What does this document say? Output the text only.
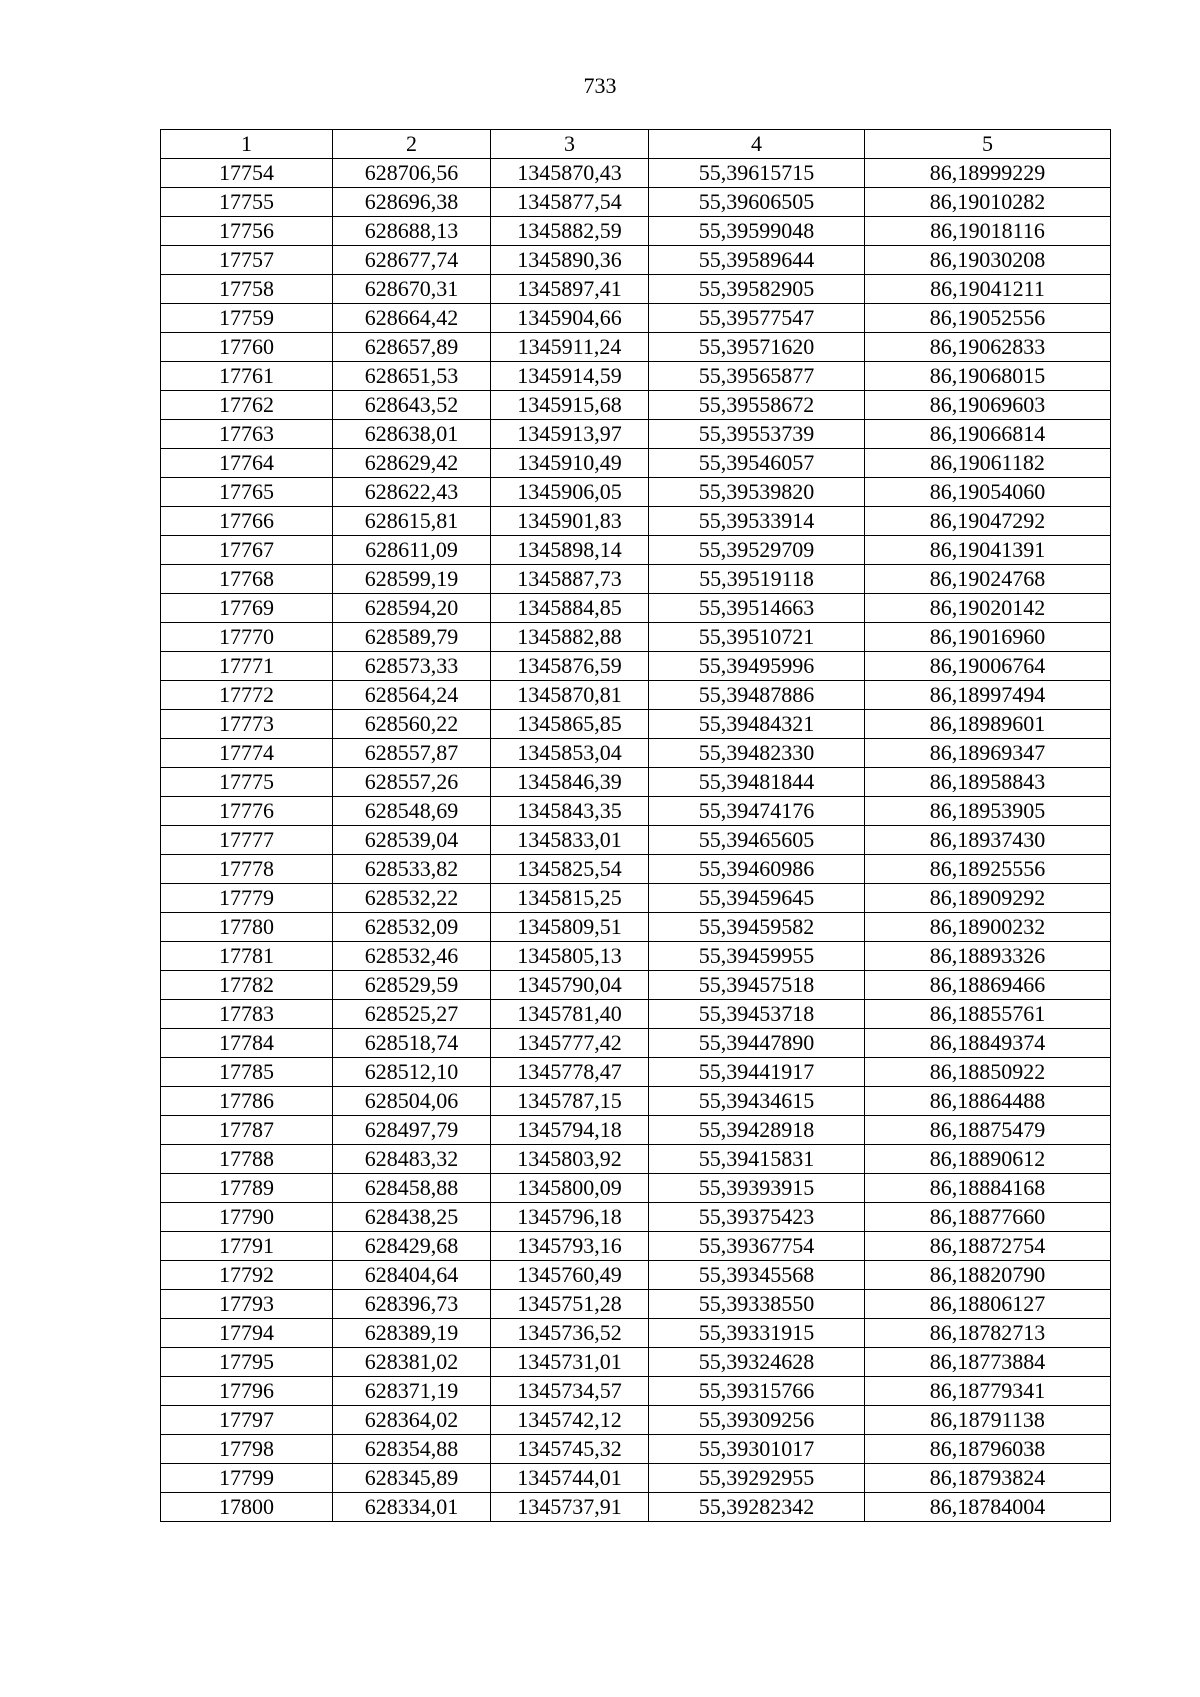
733
1	2	3	4	5
17754	628706,56	1345870,43	55,39615715	86,18999229
17755	628696,38	1345877,54	55,39606505	86,19010282
17756	628688,13	1345882,59	55,39599048	86,19018116
17757	628677,74	1345890,36	55,39589644	86,19030208
17758	628670,31	1345897,41	55,39582905	86,19041211
17759	628664,42	1345904,66	55,39577547	86,19052556
17760	628657,89	1345911,24	55,39571620	86,19062833
17761	628651,53	1345914,59	55,39565877	86,19068015
17762	628643,52	1345915,68	55,39558672	86,19069603
17763	628638,01	1345913,97	55,39553739	86,19066814
17764	628629,42	1345910,49	55,39546057	86,19061182
17765	628622,43	1345906,05	55,39539820	86,19054060
17766	628615,81	1345901,83	55,39533914	86,19047292
17767	628611,09	1345898,14	55,39529709	86,19041391
17768	628599,19	1345887,73	55,39519118	86,19024768
17769	628594,20	1345884,85	55,39514663	86,19020142
17770	628589,79	1345882,88	55,39510721	86,19016960
17771	628573,33	1345876,59	55,39495996	86,19006764
17772	628564,24	1345870,81	55,39487886	86,18997494
17773	628560,22	1345865,85	55,39484321	86,18989601
17774	628557,87	1345853,04	55,39482330	86,18969347
17775	628557,26	1345846,39	55,39481844	86,18958843
17776	628548,69	1345843,35	55,39474176	86,18953905
17777	628539,04	1345833,01	55,39465605	86,18937430
17778	628533,82	1345825,54	55,39460986	86,18925556
17779	628532,22	1345815,25	55,39459645	86,18909292
17780	628532,09	1345809,51	55,39459582	86,18900232
17781	628532,46	1345805,13	55,39459955	86,18893326
17782	628529,59	1345790,04	55,39457518	86,18869466
17783	628525,27	1345781,40	55,39453718	86,18855761
17784	628518,74	1345777,42	55,39447890	86,18849374
17785	628512,10	1345778,47	55,39441917	86,18850922
17786	628504,06	1345787,15	55,39434615	86,18864488
17787	628497,79	1345794,18	55,39428918	86,18875479
17788	628483,32	1345803,92	55,39415831	86,18890612
17789	628458,88	1345800,09	55,39393915	86,18884168
17790	628438,25	1345796,18	55,39375423	86,18877660
17791	628429,68	1345793,16	55,39367754	86,18872754
17792	628404,64	1345760,49	55,39345568	86,18820790
17793	628396,73	1345751,28	55,39338550	86,18806127
17794	628389,19	1345736,52	55,39331915	86,18782713
17795	628381,02	1345731,01	55,39324628	86,18773884
17796	628371,19	1345734,57	55,39315766	86,18779341
17797	628364,02	1345742,12	55,39309256	86,18791138
17798	628354,88	1345745,32	55,39301017	86,18796038
17799	628345,89	1345744,01	55,39292955	86,18793824
17800	628334,01	1345737,91	55,39282342	86,18784004
